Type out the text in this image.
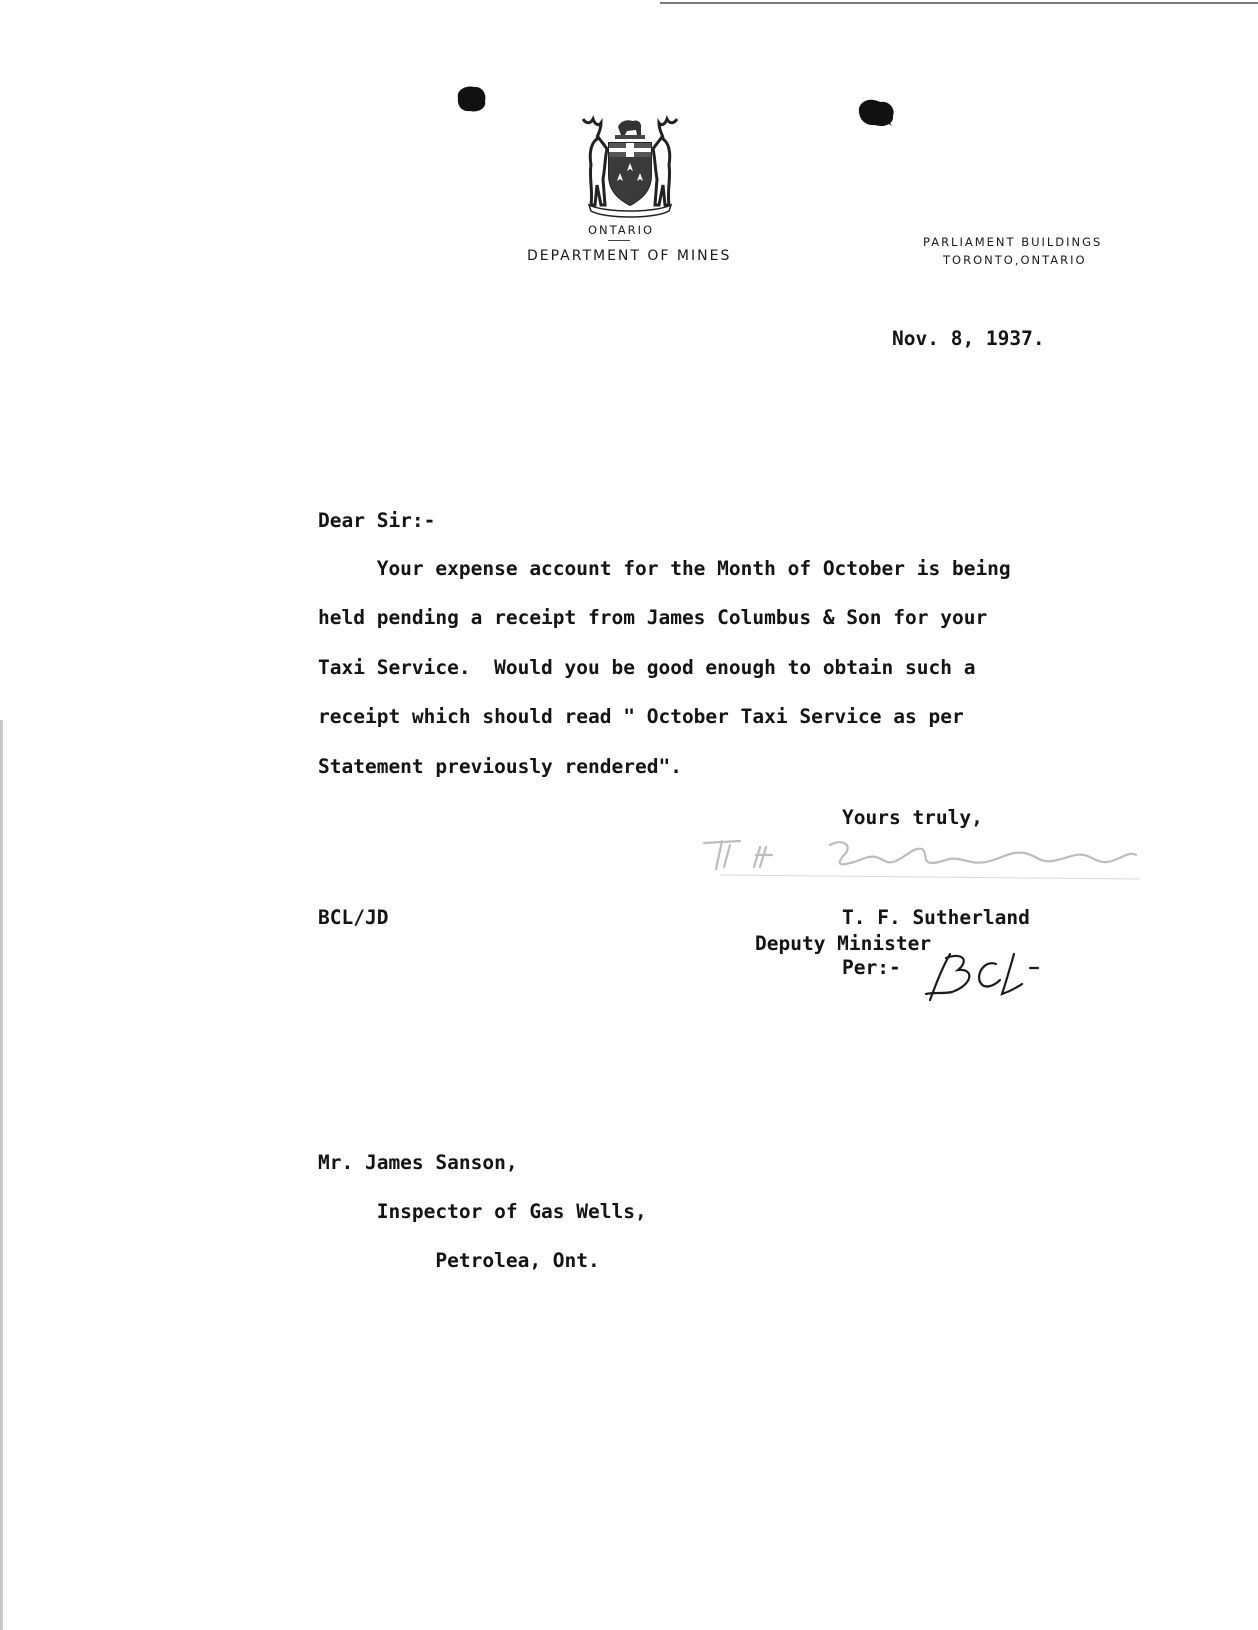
ONTARIO
DEPARTMENT OF MINES
PARLIAMENT BUILDINGS
TORONTO,ONTARIO
Nov. 8, 1937.
Dear Sir:-
Your expense account for the Month of October is being
held pending a receipt from James Columbus & Son for your
Taxi Service.  Would you be good enough to obtain such a
receipt which should read " October Taxi Service as per
Statement previously rendered".
Yours truly,
BCL/JD	T. F. Sutherland
Deputy Minister
Per:-
Mr. James Sanson,
Inspector of Gas Wells,
Petrolea, Ont.
